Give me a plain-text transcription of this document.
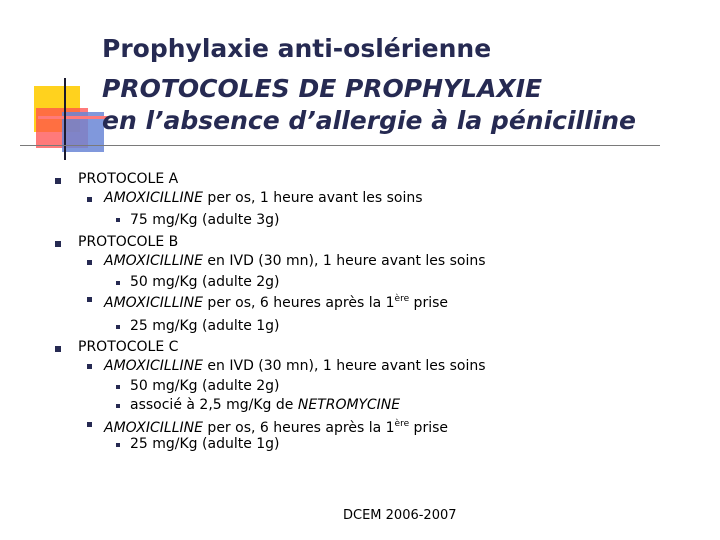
Prophylaxie anti-oslérienne
PROTOCOLES DE PROPHYLAXIE
en l’absence d’allergie à la pénicilline
PROTOCOLE A
AMOXICILLINE per os, 1 heure avant les soins
75 mg/Kg (adulte 3g)
PROTOCOLE B
AMOXICILLINE en IVD (30 mn), 1 heure avant les soins
50 mg/Kg (adulte 2g)
AMOXICILLINE per os, 6 heures après la 1ère prise
25 mg/Kg (adulte 1g)
PROTOCOLE C
AMOXICILLINE en IVD (30 mn), 1 heure avant les soins
50 mg/Kg (adulte 2g)
associé à 2,5 mg/Kg de NETROMYCINE
AMOXICILLINE per os, 6 heures après la 1ère prise
25 mg/Kg (adulte 1g)
DCEM 2006-2007
